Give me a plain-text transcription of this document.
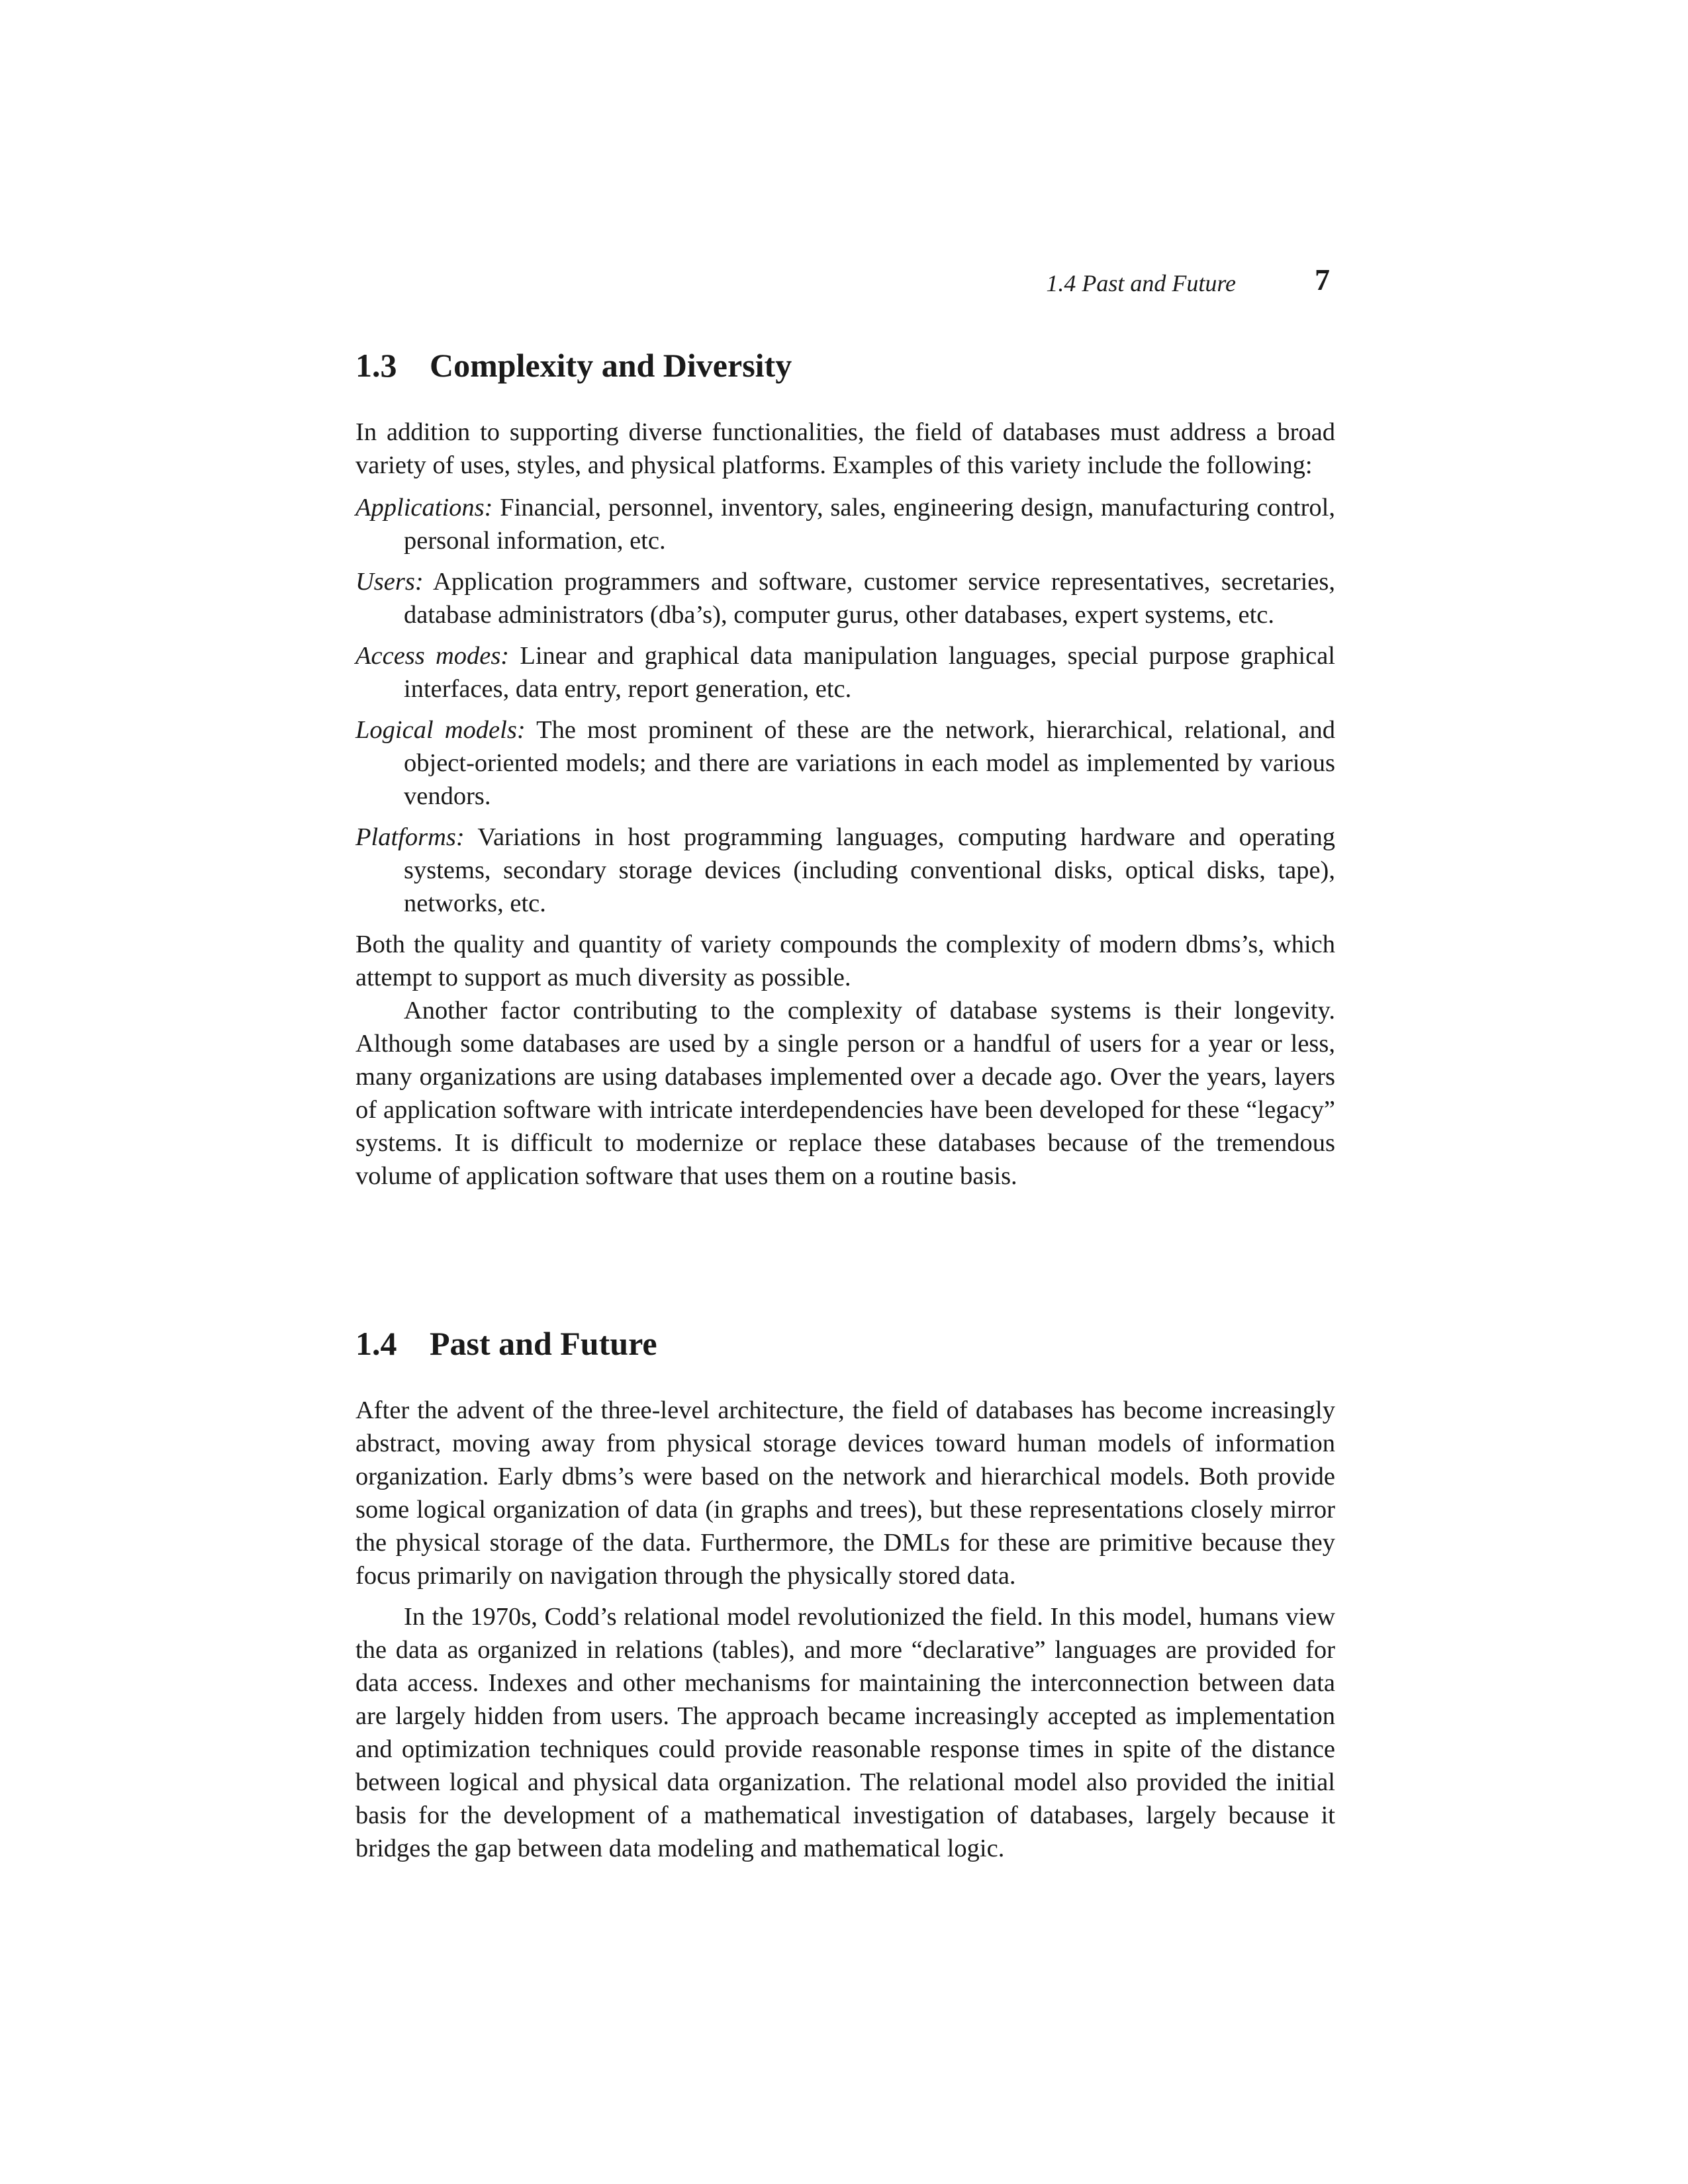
1.4 Past and Future	7
1.3 Complexity and Diversity

In addition to supporting diverse functionalities, the field of databases must address a broad variety of uses, styles, and physical platforms. Examples of this variety include the following:

Applications: Financial, personnel, inventory, sales, engineering design, manufacturing control, personal information, etc.
Users: Application programmers and software, customer service representatives, secretaries, database administrators (dba’s), computer gurus, other databases, expert systems, etc.
Access modes: Linear and graphical data manipulation languages, special purpose graphical interfaces, data entry, report generation, etc.
Logical models: The most prominent of these are the network, hierarchical, relational, and object-oriented models; and there are variations in each model as implemented by various vendors.
Platforms: Variations in host programming languages, computing hardware and operating systems, secondary storage devices (including conventional disks, optical disks, tape), networks, etc.

Both the quality and quantity of variety compounds the complexity of modern dbms’s, which attempt to support as much diversity as possible.

Another factor contributing to the complexity of database systems is their longevity. Although some databases are used by a single person or a handful of users for a year or less, many organizations are using databases implemented over a decade ago. Over the years, layers of application software with intricate interdependencies have been developed for these “legacy” systems. It is difficult to modernize or replace these databases because of the tremendous volume of application software that uses them on a routine basis.

1.4 Past and Future

After the advent of the three-level architecture, the field of databases has become increasingly abstract, moving away from physical storage devices toward human models of information organization. Early dbms’s were based on the network and hierarchical models. Both provide some logical organization of data (in graphs and trees), but these representations closely mirror the physical storage of the data. Furthermore, the DMLs for these are primitive because they focus primarily on navigation through the physically stored data.

In the 1970s, Codd’s relational model revolutionized the field. In this model, humans view the data as organized in relations (tables), and more “declarative” languages are provided for data access. Indexes and other mechanisms for maintaining the interconnection between data are largely hidden from users. The approach became increasingly accepted as implementation and optimization techniques could provide reasonable response times in spite of the distance between logical and physical data organization. The relational model also provided the initial basis for the development of a mathematical investigation of databases, largely because it bridges the gap between data modeling and mathematical logic.
